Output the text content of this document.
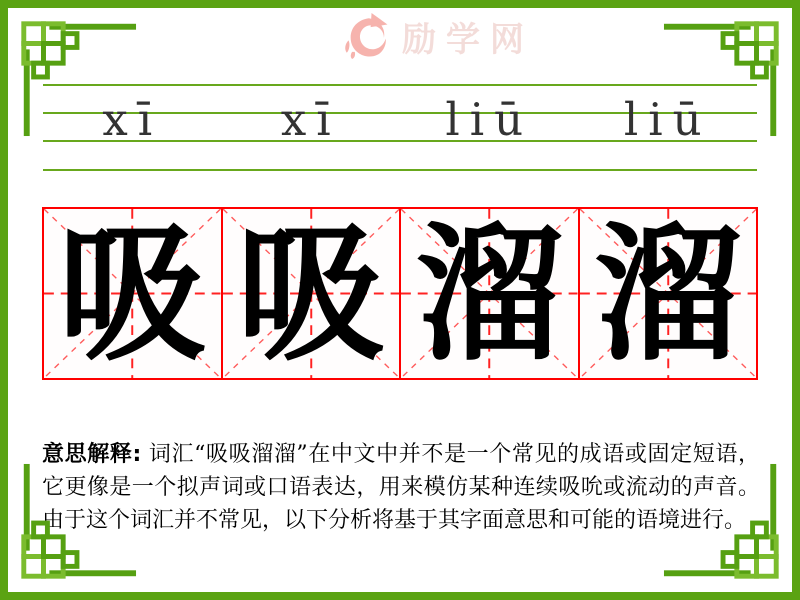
励学网
xī	xī	liū	liū
吸 吸 溜 溜

意思解释: 词汇“吸吸溜溜”在中文中并不是一个常见的成语或固定短语，它更像是一个拟声词或口语表达，用来模仿某种连续吸吮或流动的声音。由于这个词汇并不常见，以下分析将基于其字面意思和可能的语境进行。
